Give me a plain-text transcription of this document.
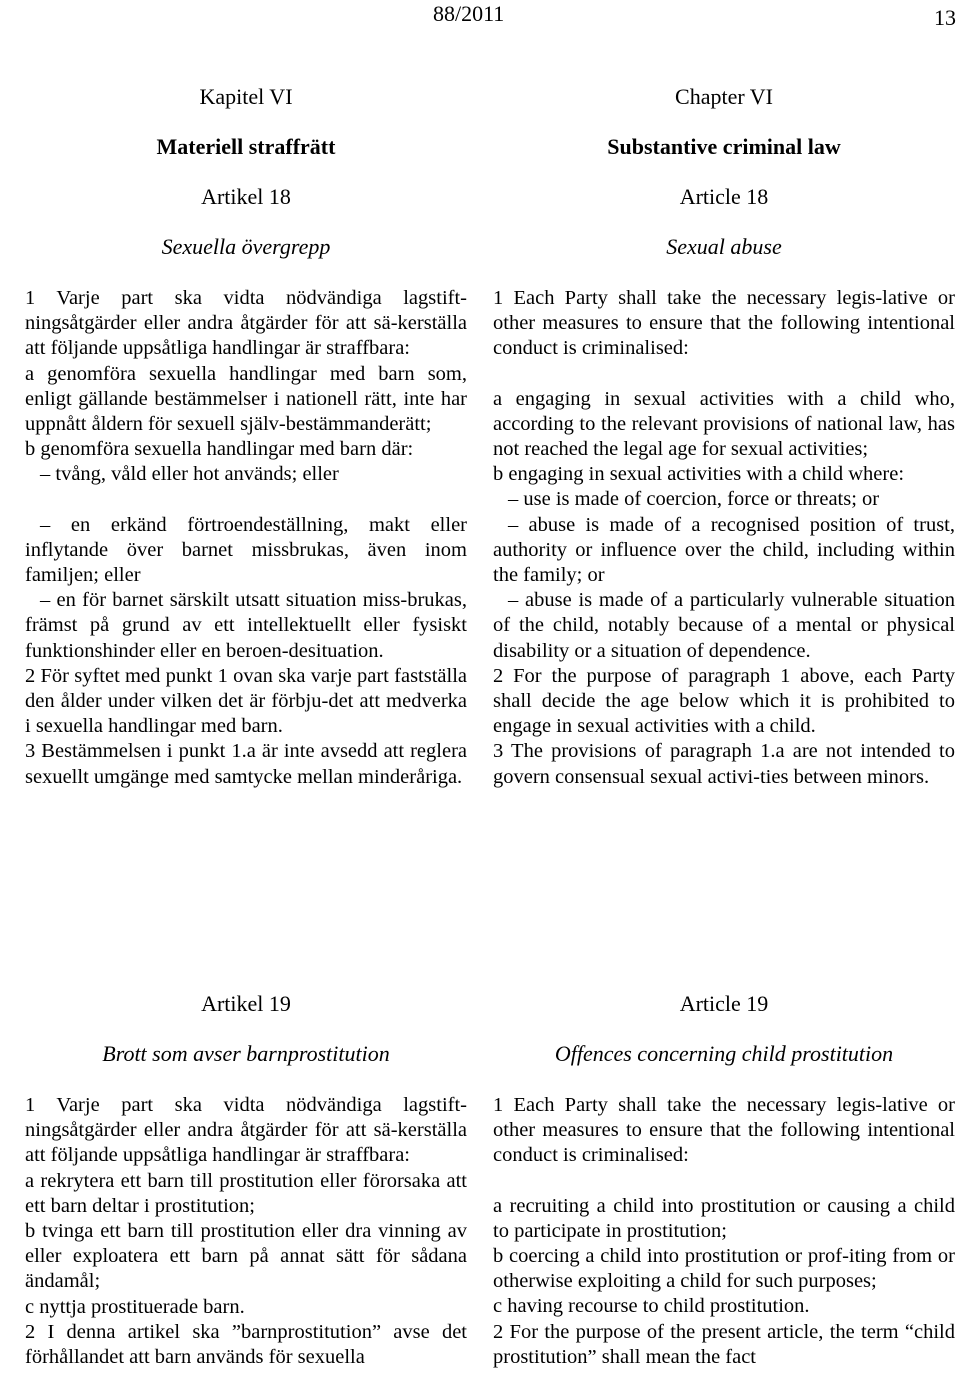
88/2011	13

Kapitel VI

Materiell straffrätt

Artikel 18

Sexuella övergrepp

1 Varje part ska vidta nödvändiga lagstift-ningsåtgärder eller andra åtgärder för att sä-kerställa att följande uppsåtliga handlingar är straffbara:

a genomföra sexuella handlingar med barn som, enligt gällande bestämmelser i nationell rätt, inte har uppnått åldern för sexuell själv-bestämmanderätt;

b genomföra sexuella handlingar med barn där:

– tvång, våld eller hot används; eller

– en erkänd förtroendeställning, makt eller inflytande över barnet missbrukas, även inom familjen; eller

– en för barnet särskilt utsatt situation miss-brukas, främst på grund av ett intellektuellt eller fysiskt funktionshinder eller en beroen-desituation.

2 För syftet med punkt 1 ovan ska varje part fastställa den ålder under vilken det är förbju-det att medverka i sexuella handlingar med barn.

3 Bestämmelsen i punkt 1.a är inte avsedd att reglera sexuellt umgänge med samtycke mellan minderåriga.

Artikel 19

Brott som avser barnprostitution

1 Varje part ska vidta nödvändiga lagstift-ningsåtgärder eller andra åtgärder för att sä-kerställa att följande uppsåtliga handlingar är straffbara:

a rekrytera ett barn till prostitution eller förorsaka att ett barn deltar i prostitution;

b tvinga ett barn till prostitution eller dra vinning av eller exploatera ett barn på annat sätt för sådana ändamål;

c nyttja prostituerade barn.

2 I denna artikel ska ”barnprostitution” avse det förhållandet att barn används för sexuella

Chapter VI

Substantive criminal law

Article 18

Sexual abuse

1 Each Party shall take the necessary legis-lative or other measures to ensure that the following intentional conduct is criminalised:

a engaging in sexual activities with a child who, according to the relevant provisions of national law, has not reached the legal age for sexual activities;

b engaging in sexual activities with a child where:

– use is made of coercion, force or threats; or

– abuse is made of a recognised position of trust, authority or influence over the child, including within the family; or

– abuse is made of a particularly vulnerable situation of the child, notably because of a mental or physical disability or a situation of dependence.

2 For the purpose of paragraph 1 above, each Party shall decide the age below which it is prohibited to engage in sexual activities with a child.

3 The provisions of paragraph 1.a are not intended to govern consensual sexual activi-ties between minors.

Article 19

Offences concerning child prostitution

1 Each Party shall take the necessary legis-lative or other measures to ensure that the following intentional conduct is criminalised:

a recruiting a child into prostitution or causing a child to participate in prostitution;

b coercing a child into prostitution or prof-iting from or otherwise exploiting a child for such purposes;

c having recourse to child prostitution.

2 For the purpose of the present article, the term “child prostitution” shall mean the fact
